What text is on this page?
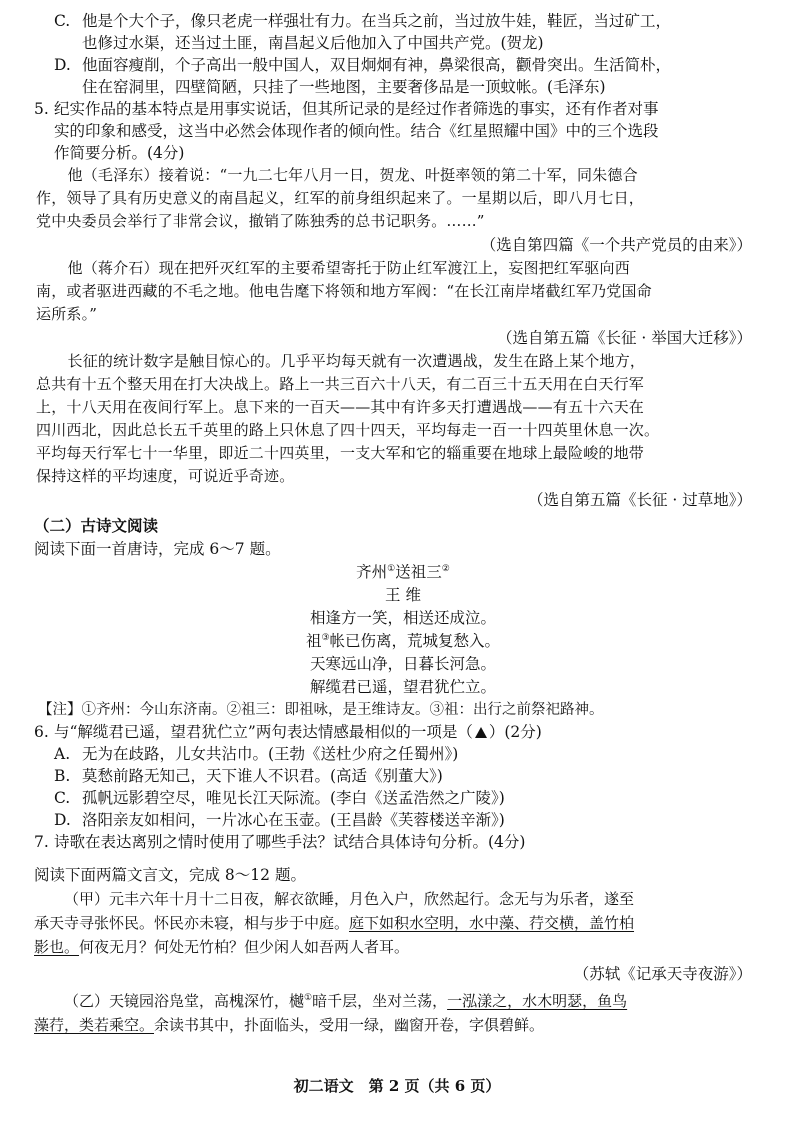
C. 他是个大个子，像只老虎一样强壮有力。在当兵之前，当过放牛娃，鞋匠，当过矿工，

也修过水渠，还当过土匪，南昌起义后他加入了中国共产党。(贺龙)

D. 他面容瘦削，个子高出一般中国人，双目炯炯有神，鼻梁很高，颧骨突出。生活简朴，

住在窑洞里，四壁简陋，只挂了一些地图，主要奢侈品是一顶蚊帐。(毛泽东)

5. 纪实作品的基本特点是用事实说话，但其所记录的是经过作者筛选的事实，还有作者对事

实的印象和感受，这当中必然会体现作者的倾向性。结合《红星照耀中国》中的三个选段

作简要分析。(4分)

他（毛泽东）接着说：“一九二七年八月一日，贺龙、叶挺率领的第二十军，同朱德合

作，领导了具有历史意义的南昌起义，红军的前身组织起来了。一星期以后，即八月七日，

党中央委员会举行了非常会议，撤销了陈独秀的总书记职务。……”

（选自第四篇《一个共产党员的由来》）

他（蒋介石）现在把歼灭红军的主要希望寄托于防止红军渡江上，妄图把红军驱向西

南，或者驱进西藏的不毛之地。他电告麾下将领和地方军阀：“在长江南岸堵截红军乃党国命

运所系。”

（选自第五篇《长征 · 举国大迁移》）

长征的统计数字是触目惊心的。几乎平均每天就有一次遭遇战，发生在路上某个地方，

总共有十五个整天用在打大决战上。路上一共三百六十八天，有二百三十五天用在白天行军

上，十八天用在夜间行军上。息下来的一百天——其中有许多天打遭遇战——有五十六天在

四川西北，因此总长五千英里的路上只休息了四十四天，平均每走一百一十四英里休息一次。

平均每天行军七十一华里，即近二十四英里，一支大军和它的辎重要在地球上最险峻的地带

保持这样的平均速度，可说近乎奇迹。

（选自第五篇《长征 · 过草地》）
（二）古诗文阅读

阅读下面一首唐诗，完成 6～7 题。

齐州①送祖三②

王 维

相逢方一笑，相送还成泣。

祖③帐已伤离，荒城复愁入。

天寒远山净，日暮长河急。

解缆君已遥，望君犹伫立。

【注】①齐州：今山东济南。②祖三：即祖咏，是王维诗友。③祖：出行之前祭祀路神。

6. 与“解缆君已遥，望君犹伫立”两句表达情感最相似的一项是（ ）(2分)

A. 无为在歧路，儿女共沾巾。(王勃《送杜少府之任蜀州》)
B. 莫愁前路无知己，天下谁人不识君。(高适《别董大》)
C. 孤帆远影碧空尽，唯见长江天际流。(李白《送孟浩然之广陵》)
D. 洛阳亲友如相问，一片冰心在玉壶。(王昌龄《芙蓉楼送辛渐》)
7. 诗歌在表达离别之情时使用了哪些手法？试结合具体诗句分析。(4分)

阅读下面两篇文言文，完成 8～12 题。

（甲）元丰六年十月十二日夜，解衣欲睡，月色入户，欣然起行。念无与为乐者，遂至

承天寺寻张怀民。怀民亦未寝，相与步于中庭。庭下如积水空明，水中藻、荇交横，盖竹柏

影也。何夜无月？何处无竹柏？但少闲人如吾两人者耳。

（苏轼《记承天寺夜游》）

（乙）天镜园浴凫堂，高槐深竹，樾①暗千层，坐对兰荡，一泓漾之，水木明瑟，鱼鸟

藻荇，类若乘空。余读书其中，扑面临头，受用一绿，幽窗开卷，字俱碧鲜。

初二语文　第 2 页（共 6 页）
